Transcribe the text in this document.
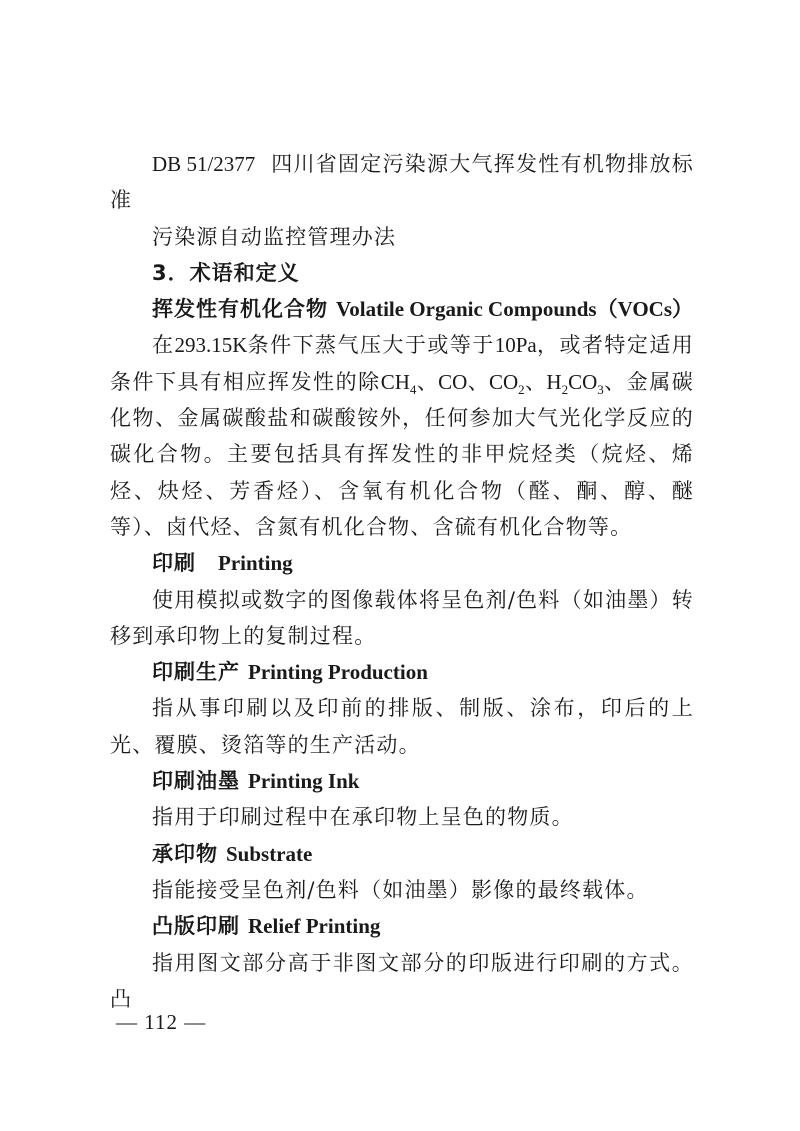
DB 51/2377 四川省固定污染源大气挥发性有机物排放标准

污染源自动监控管理办法

3．术语和定义

挥发性有机化合物 Volatile Organic Compounds（VOCs）

在293.15K条件下蒸气压大于或等于10Pa，或者特定适用条件下具有相应挥发性的除$CH_4$、CO、$CO_2$、$H_2CO_3$、金属碳化物、金属碳酸盐和碳酸铵外，任何参加大气光化学反应的碳化合物。主要包括具有挥发性的非甲烷烃类（烷烃、烯烃、炔烃、芳香烃）、含氧有机化合物（醛、酮、醇、醚等）、卤代烃、含氮有机化合物、含硫有机化合物等。

印刷 Printing

使用模拟或数字的图像载体将呈色剂/色料（如油墨）转移到承印物上的复制过程。

印刷生产 Printing Production

指从事印刷以及印前的排版、制版、涂布，印后的上光、覆膜、烫箔等的生产活动。

印刷油墨 Printing Ink

指用于印刷过程中在承印物上呈色的物质。

承印物 Substrate

指能接受呈色剂/色料（如油墨）影像的最终载体。

凸版印刷 Relief Printing

指用图文部分高于非图文部分的印版进行印刷的方式。凸

— 112 —
